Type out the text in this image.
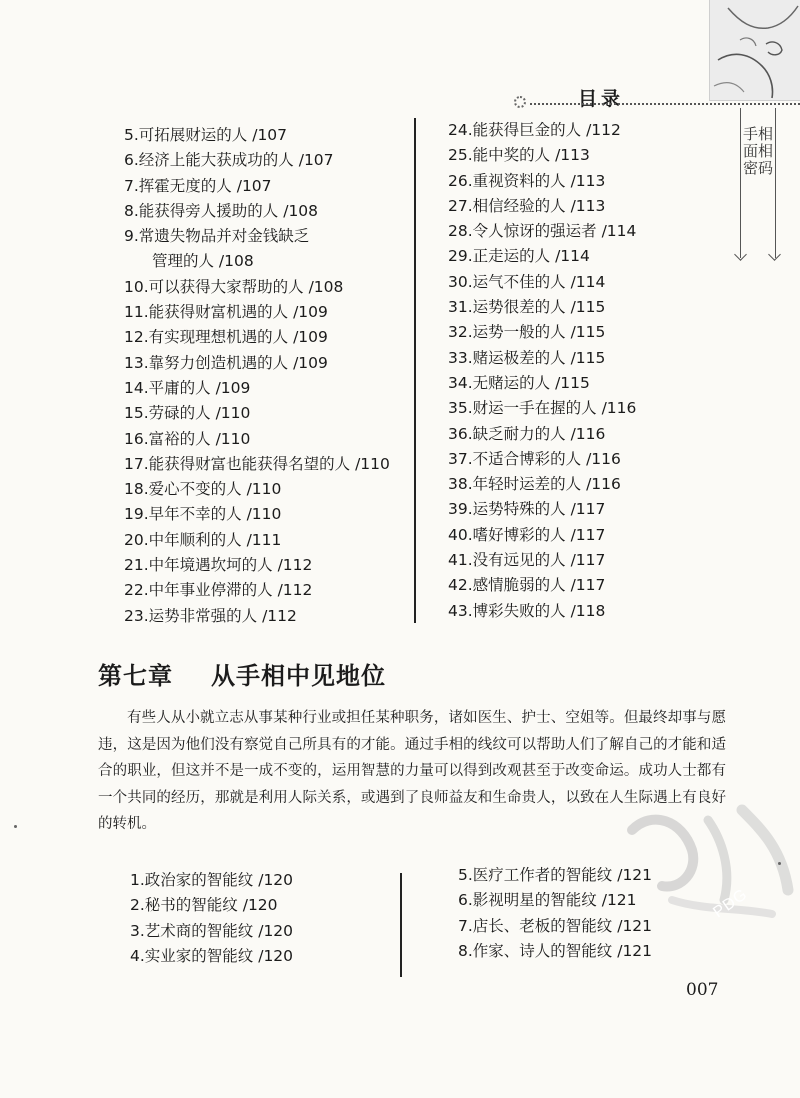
目录
手相面相密码
5.可拓展财运的人 /107
6.经济上能大获成功的人 /107
7.挥霍无度的人 /107
8.能获得旁人援助的人 /108
9.常遗失物品并对金钱缺乏
管理的人 /108
10.可以获得大家帮助的人 /108
11.能获得财富机遇的人 /109
12.有实现理想机遇的人 /109
13.靠努力创造机遇的人 /109
14.平庸的人 /109
15.劳碌的人 /110
16.富裕的人 /110
17.能获得财富也能获得名望的人 /110
18.爱心不变的人 /110
19.早年不幸的人 /110
20.中年顺利的人 /111
21.中年境遇坎坷的人 /112
22.中年事业停滞的人 /112
23.运势非常强的人 /112
24.能获得巨金的人 /112
25.能中奖的人 /113
26.重视资料的人 /113
27.相信经验的人 /113
28.令人惊讶的强运者 /114
29.正走运的人 /114
30.运气不佳的人 /114
31.运势很差的人 /115
32.运势一般的人 /115
33.赌运极差的人 /115
34.无赌运的人 /115
35.财运一手在握的人 /116
36.缺乏耐力的人 /116
37.不适合博彩的人 /116
38.年轻时运差的人 /116
39.运势特殊的人 /117
40.嗜好博彩的人 /117
41.没有远见的人 /117
42.感情脆弱的人 /117
43.博彩失败的人 /118
第七章 从手相中见地位

有些人从小就立志从事某种行业或担任某种职务，诸如医生、护士、空姐等。但最终却事与愿违，这是因为他们没有察觉自己所具有的才能。通过手相的线纹可以帮助人们了解自己的才能和适合的职业，但这并不是一成不变的，运用智慧的力量可以得到改观甚至于改变命运。成功人士都有一个共同的经历，那就是利用人际关系，或遇到了良师益友和生命贵人，以致在人生际遇上有良好的转机。

1.政治家的智能纹 /120
2.秘书的智能纹 /120
3.艺术商的智能纹 /120
4.实业家的智能纹 /120
5.医疗工作者的智能纹 /121
6.影视明星的智能纹 /121
7.店长、老板的智能纹 /121
8.作家、诗人的智能纹 /121
PDG
007
